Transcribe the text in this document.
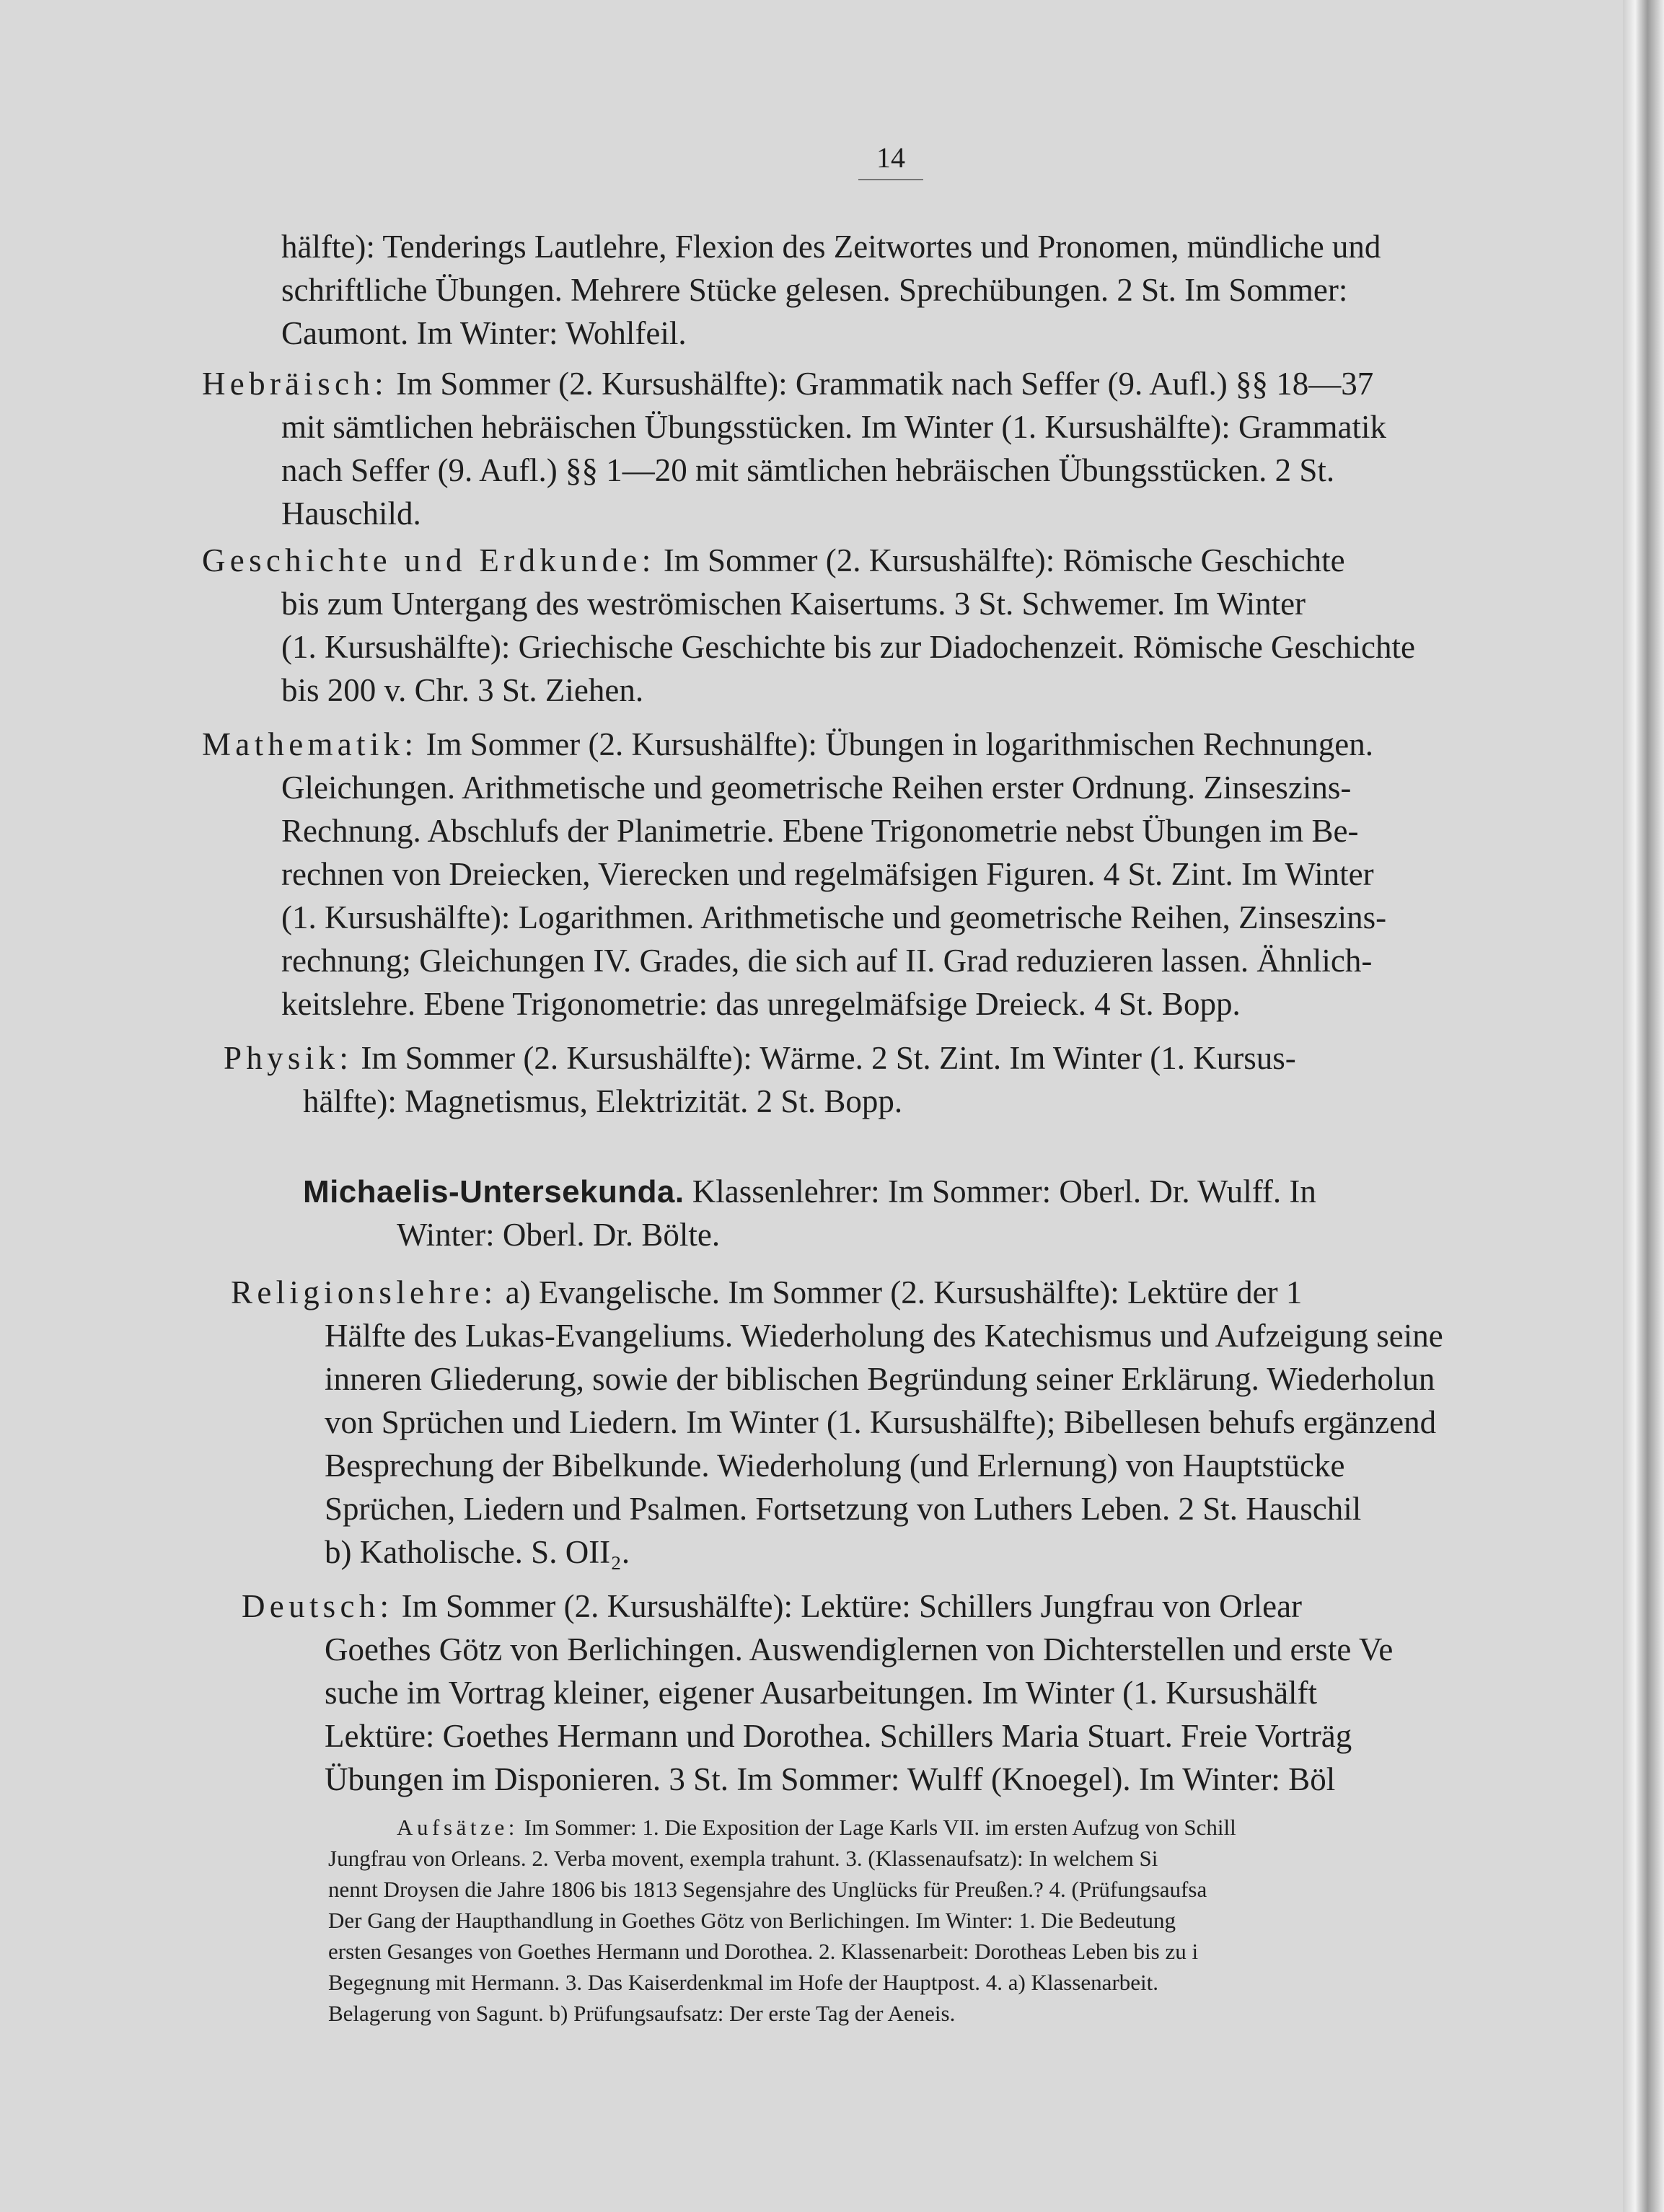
14
hälfte): Tenderings Lautlehre, Flexion des Zeitwortes und Pronomen, mündliche und
schriftliche Übungen. Mehrere Stücke gelesen. Sprechübungen. 2 St. Im Sommer:
Caumont. Im Winter: Wohlfeil.
Hebräisch: Im Sommer (2. Kursushälfte): Grammatik nach Seffer (9. Aufl.) §§ 18—37
mit sämtlichen hebräischen Übungsstücken. Im Winter (1. Kursushälfte): Grammatik
nach Seffer (9. Aufl.) §§ 1—20 mit sämtlichen hebräischen Übungsstücken. 2 St.
Hauschild.
Geschichte und Erdkunde: Im Sommer (2. Kursushälfte): Römische Geschichte
bis zum Untergang des weströmischen Kaisertums. 3 St. Schwemer. Im Winter
(1. Kursushälfte): Griechische Geschichte bis zur Diadochenzeit. Römische Geschichte
bis 200 v. Chr. 3 St. Ziehen.
Mathematik: Im Sommer (2. Kursushälfte): Übungen in logarithmischen Rechnungen.
Gleichungen. Arithmetische und geometrische Reihen erster Ordnung. Zinseszins-
Rechnung. Abschlufs der Planimetrie. Ebene Trigonometrie nebst Übungen im Be-
rechnen von Dreiecken, Vierecken und regelmäfsigen Figuren. 4 St. Zint. Im Winter
(1. Kursushälfte): Logarithmen. Arithmetische und geometrische Reihen, Zinseszins-
rechnung; Gleichungen IV. Grades, die sich auf II. Grad reduzieren lassen. Ähnlich-
keitslehre. Ebene Trigonometrie: das unregelmäfsige Dreieck. 4 St. Bopp.
Physik: Im Sommer (2. Kursushälfte): Wärme. 2 St. Zint. Im Winter (1. Kursus-
hälfte): Magnetismus, Elektrizität. 2 St. Bopp.
Michaelis-Untersekunda. Klassenlehrer: Im Sommer: Oberl. Dr. Wulff. In
Winter: Oberl. Dr. Bölte.
Religionslehre: a) Evangelische. Im Sommer (2. Kursushälfte): Lektüre der 1
Hälfte des Lukas-Evangeliums. Wiederholung des Katechismus und Aufzeigung seine
inneren Gliederung, sowie der biblischen Begründung seiner Erklärung. Wiederholun
von Sprüchen und Liedern. Im Winter (1. Kursushälfte); Bibellesen behufs ergänzend
Besprechung der Bibelkunde. Wiederholung (und Erlernung) von Hauptstücke
Sprüchen, Liedern und Psalmen. Fortsetzung von Luthers Leben. 2 St. Hauschil
b) Katholische. S. OII₂.
Deutsch: Im Sommer (2. Kursushälfte): Lektüre: Schillers Jungfrau von Orlear
Goethes Götz von Berlichingen. Auswendiglernen von Dichterstellen und erste Ve
suche im Vortrag kleiner, eigener Ausarbeitungen. Im Winter (1. Kursushälft
Lektüre: Goethes Hermann und Dorothea. Schillers Maria Stuart. Freie Vorträg
Übungen im Disponieren. 3 St. Im Sommer: Wulff (Knoegel). Im Winter: Böl
Aufsätze: Im Sommer: 1. Die Exposition der Lage Karls VII. im ersten Aufzug von Schill
Jungfrau von Orleans. 2. Verba movent, exempla trahunt. 3. (Klassenaufsatz): In welchem Si
nennt Droysen die Jahre 1806 bis 1813 Segensjahre des Unglücks für Preußen.? 4. (Prüfungsaufsa
Der Gang der Haupthandlung in Goethes Götz von Berlichingen. Im Winter: 1. Die Bedeutung
ersten Gesanges von Goethes Hermann und Dorothea. 2. Klassenarbeit: Dorotheas Leben bis zu i
Begegnung mit Hermann. 3. Das Kaiserdenkmal im Hofe der Hauptpost. 4. a) Klassenarbeit.
Belagerung von Sagunt. b) Prüfungsaufsatz: Der erste Tag der Aeneis.
